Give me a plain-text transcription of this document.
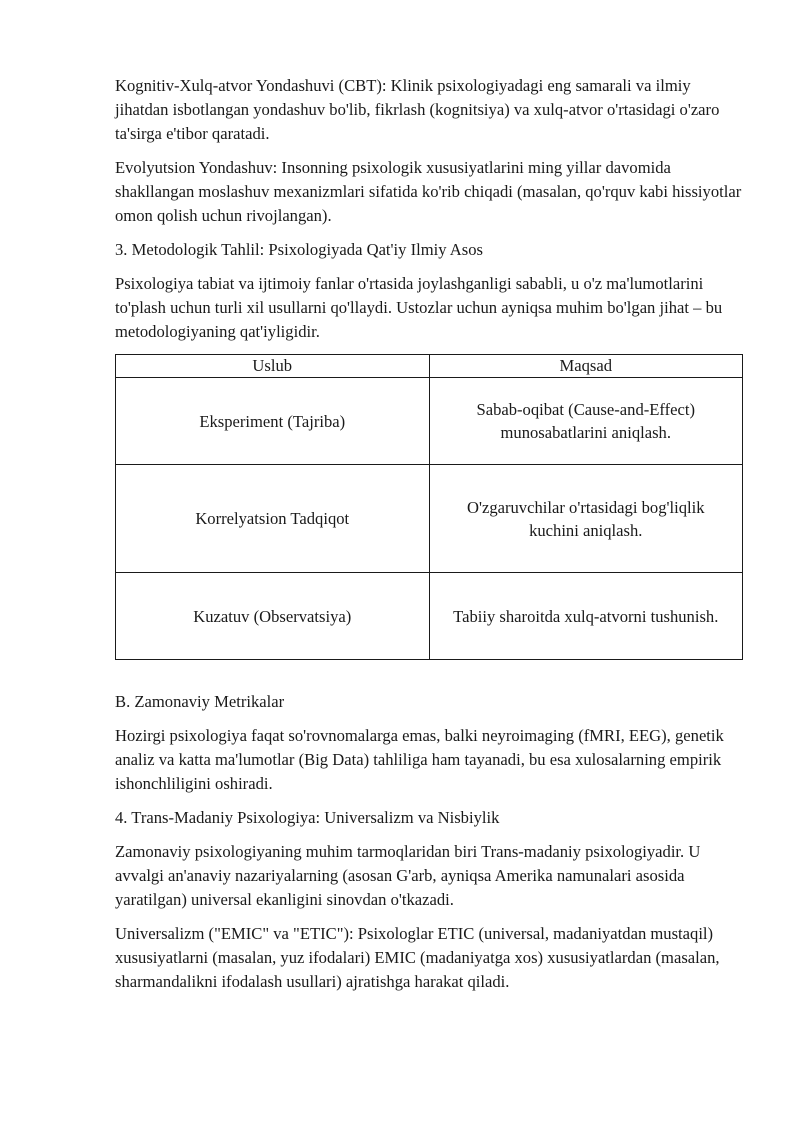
Kognitiv-Xulq-atvor Yondashuvi (CBT): Klinik psixologiyadagi eng samarali va ilmiy jihatdan isbotlangan yondashuv bo'lib, fikrlash (kognitsiya) va xulq-atvor o'rtasidagi o'zaro ta'sirga e'tibor qaratadi.

Evolyutsion Yondashuv: Insonning psixologik xususiyatlarini ming yillar davomida shakllangan moslashuv mexanizmlari sifatida ko'rib chiqadi (masalan, qo'rquv kabi hissiyotlar omon qolish uchun rivojlangan).

3. Metodologik Tahlil: Psixologiyada Qat'iy Ilmiy Asos

Psixologiya tabiat va ijtimoiy fanlar o'rtasida joylashganligi sababli, u o'z ma'lumotlarini to'plash uchun turli xil usullarni qo'llaydi. Ustozlar uchun ayniqsa muhim bo'lgan jihat – bu metodologiyaning qat'iyligidir.

Uslub	Maqsad
Eksperiment (Tajriba)	Sabab-oqibat (Cause-and-Effect) munosabatlarini aniqlash.
Korrelyatsion Tadqiqot	O'zgaruvchilar o'rtasidagi bog'liqlik kuchini aniqlash.
Kuzatuv (Observatsiya)	Tabiiy sharoitda xulq-atvorni tushunish.

B. Zamonaviy Metrikalar

Hozirgi psixologiya faqat so'rovnomalarga emas, balki neyroimaging (fMRI, EEG), genetik analiz va katta ma'lumotlar (Big Data) tahliliga ham tayanadi, bu esa xulosalarning empirik ishonchliligini oshiradi.

4. Trans-Madaniy Psixologiya: Universalizm va Nisbiylik

Zamonaviy psixologiyaning muhim tarmoqlaridan biri Trans-madaniy psixologiyadir. U avvalgi an'anaviy nazariyalarning (asosan G'arb, ayniqsa Amerika namunalari asosida yaratilgan) universal ekanligini sinovdan o'tkazadi.

Universalizm ("EMIC" va "ETIC"): Psixologlar ETIC (universal, madaniyatdan mustaqil) xususiyatlarni (masalan, yuz ifodalari) EMIC (madaniyatga xos) xususiyatlardan (masalan, sharmandalikni ifodalash usullari) ajratishga harakat qiladi.
